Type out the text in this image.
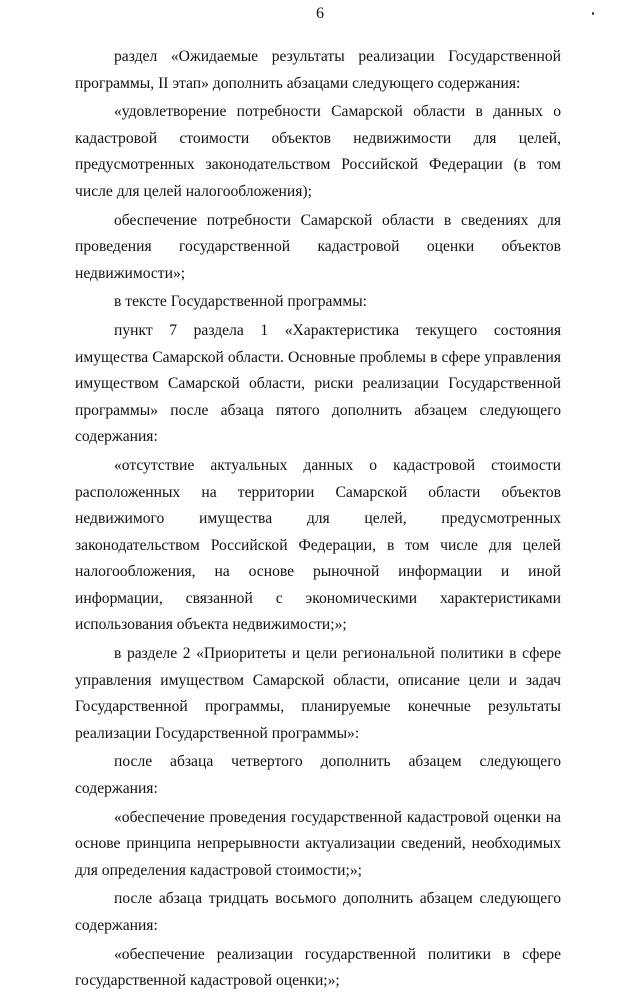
6

раздел «Ожидаемые результаты реализации Государственной программы, II этап» дополнить абзацами следующего содержания:

«удовлетворение потребности Самарской области в данных о кадастровой стоимости объектов недвижимости для целей, предусмотренных законодательством Российской Федерации (в том числе для целей налогообложения);

обеспечение потребности Самарской области в сведениях для проведения государственной кадастровой оценки объектов недвижимости»;

в тексте Государственной программы:

пункт 7 раздела 1 «Характеристика текущего состояния имущества Самарской области. Основные проблемы в сфере управления имуществом Самарской области, риски реализации Государственной программы» после абзаца пятого дополнить абзацем следующего содержания:

«отсутствие актуальных данных о кадастровой стоимости расположенных на территории Самарской области объектов недвижимого имущества для целей, предусмотренных законодательством Российской Федерации, в том числе для целей налогообложения, на основе рыночной информации и иной информации, связанной с экономическими характеристиками использования объекта недвижимости;»;

в разделе 2 «Приоритеты и цели региональной политики в сфере управления имуществом Самарской области, описание цели и задач Государственной программы, планируемые конечные результаты реализации Государственной программы»:

после абзаца четвертого дополнить абзацем следующего содержания:

«обеспечение проведения государственной кадастровой оценки на основе принципа непрерывности актуализации сведений, необходимых для определения кадастровой стоимости;»;

после абзаца тридцать восьмого дополнить абзацем следующего содержания:

«обеспечение реализации государственной политики в сфере государственной кадастровой оценки;»;
